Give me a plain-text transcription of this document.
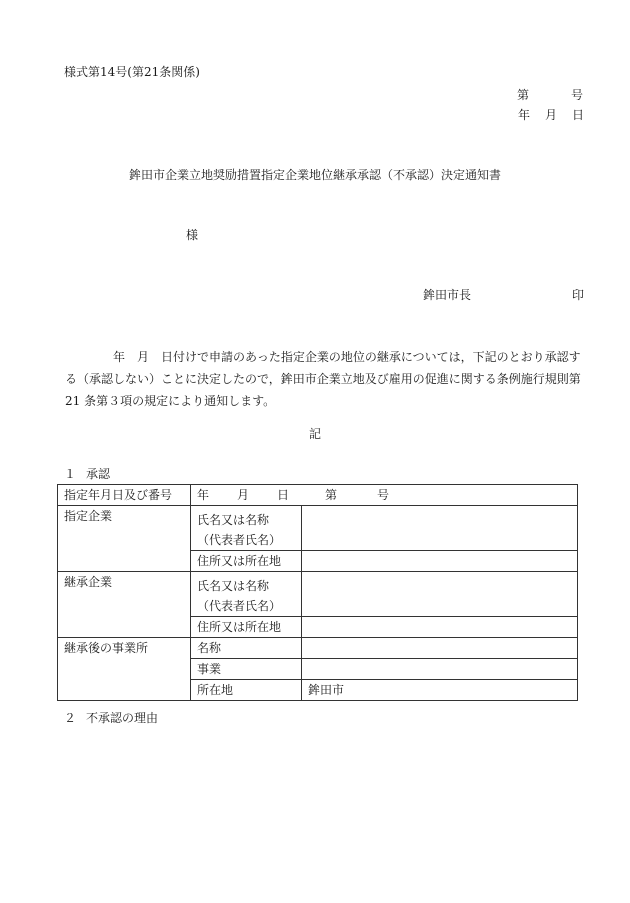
様式第14号(第21条関係)
第	号
年 月 日
鉾田市企業立地奨励措置指定企業地位継承承認（不承認）決定通知書
様
鉾田市長	印

年　月　日付けで申請のあった指定企業の地位の継承については，下記のとおり承認す

る（承認しない）ことに決定したので，鉾田市企業立地及び雇用の促進に関する条例施行規則第

21 条第３項の規定により通知します。

記
１ 承認
指定年月日及び番号	年 月 日 第 号	
指定企業	氏名又は名称
（代表者氏名）	

	住所又は所在地	
継承企業	氏名又は名称
（代表者氏名）	

	住所又は所在地	
継承後の事業所	名称	
	事業	
	所在地	鉾田市
２ 不承認の理由
